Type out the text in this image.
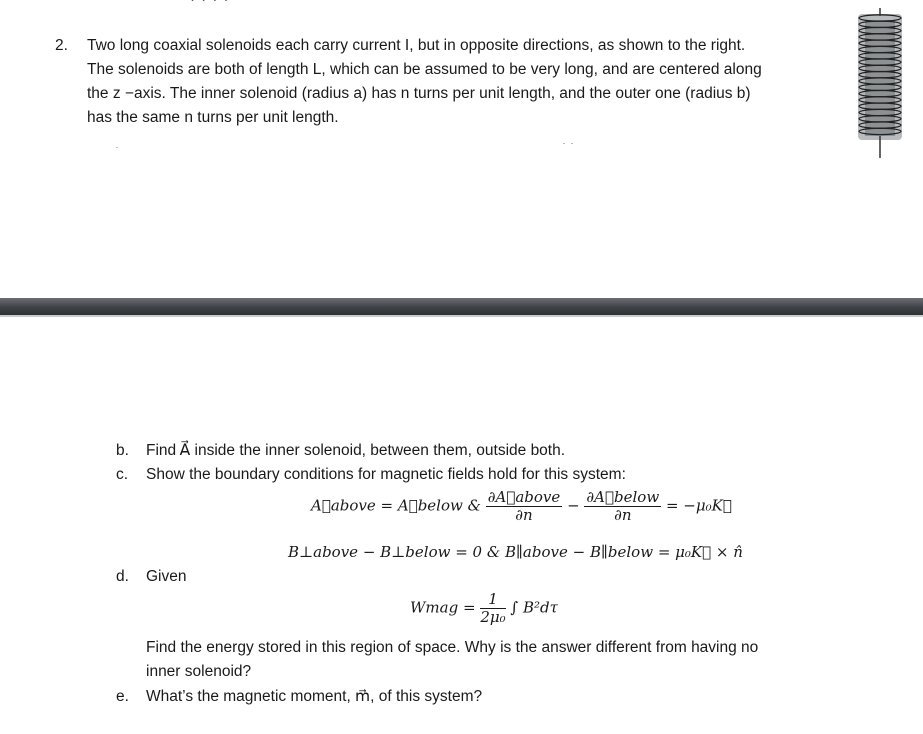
2. Two long coaxial solenoids each carry current I, but in opposite directions, as shown to the right.
The solenoids are both of length L, which can be assumed to be very long, and are centered along
the z −axis. The inner solenoid (radius a) has n turns per unit length, and the outer one (radius b)
has the same n turns per unit length.
b. Find A⃗ inside the inner solenoid, between them, outside both.
c. Show the boundary conditions for magnetic fields hold for this system:
A⃗above = A⃗below & $\frac{\text{∂A⃗above}}{\partial n} - \frac{\text{∂A⃗below}}{\partial n}$ = −μ₀K⃗
B⊥above − B⊥below = 0 & B∥above − B∥below = μ₀K⃗ × n̂
d. Given
Wmag = $\frac{1}{\text{2μ₀}}$ ∫ B²dτ
Find the energy stored in this region of space. Why is the answer different from having no
inner solenoid?
e. What’s the magnetic moment, m⃗, of this system?
